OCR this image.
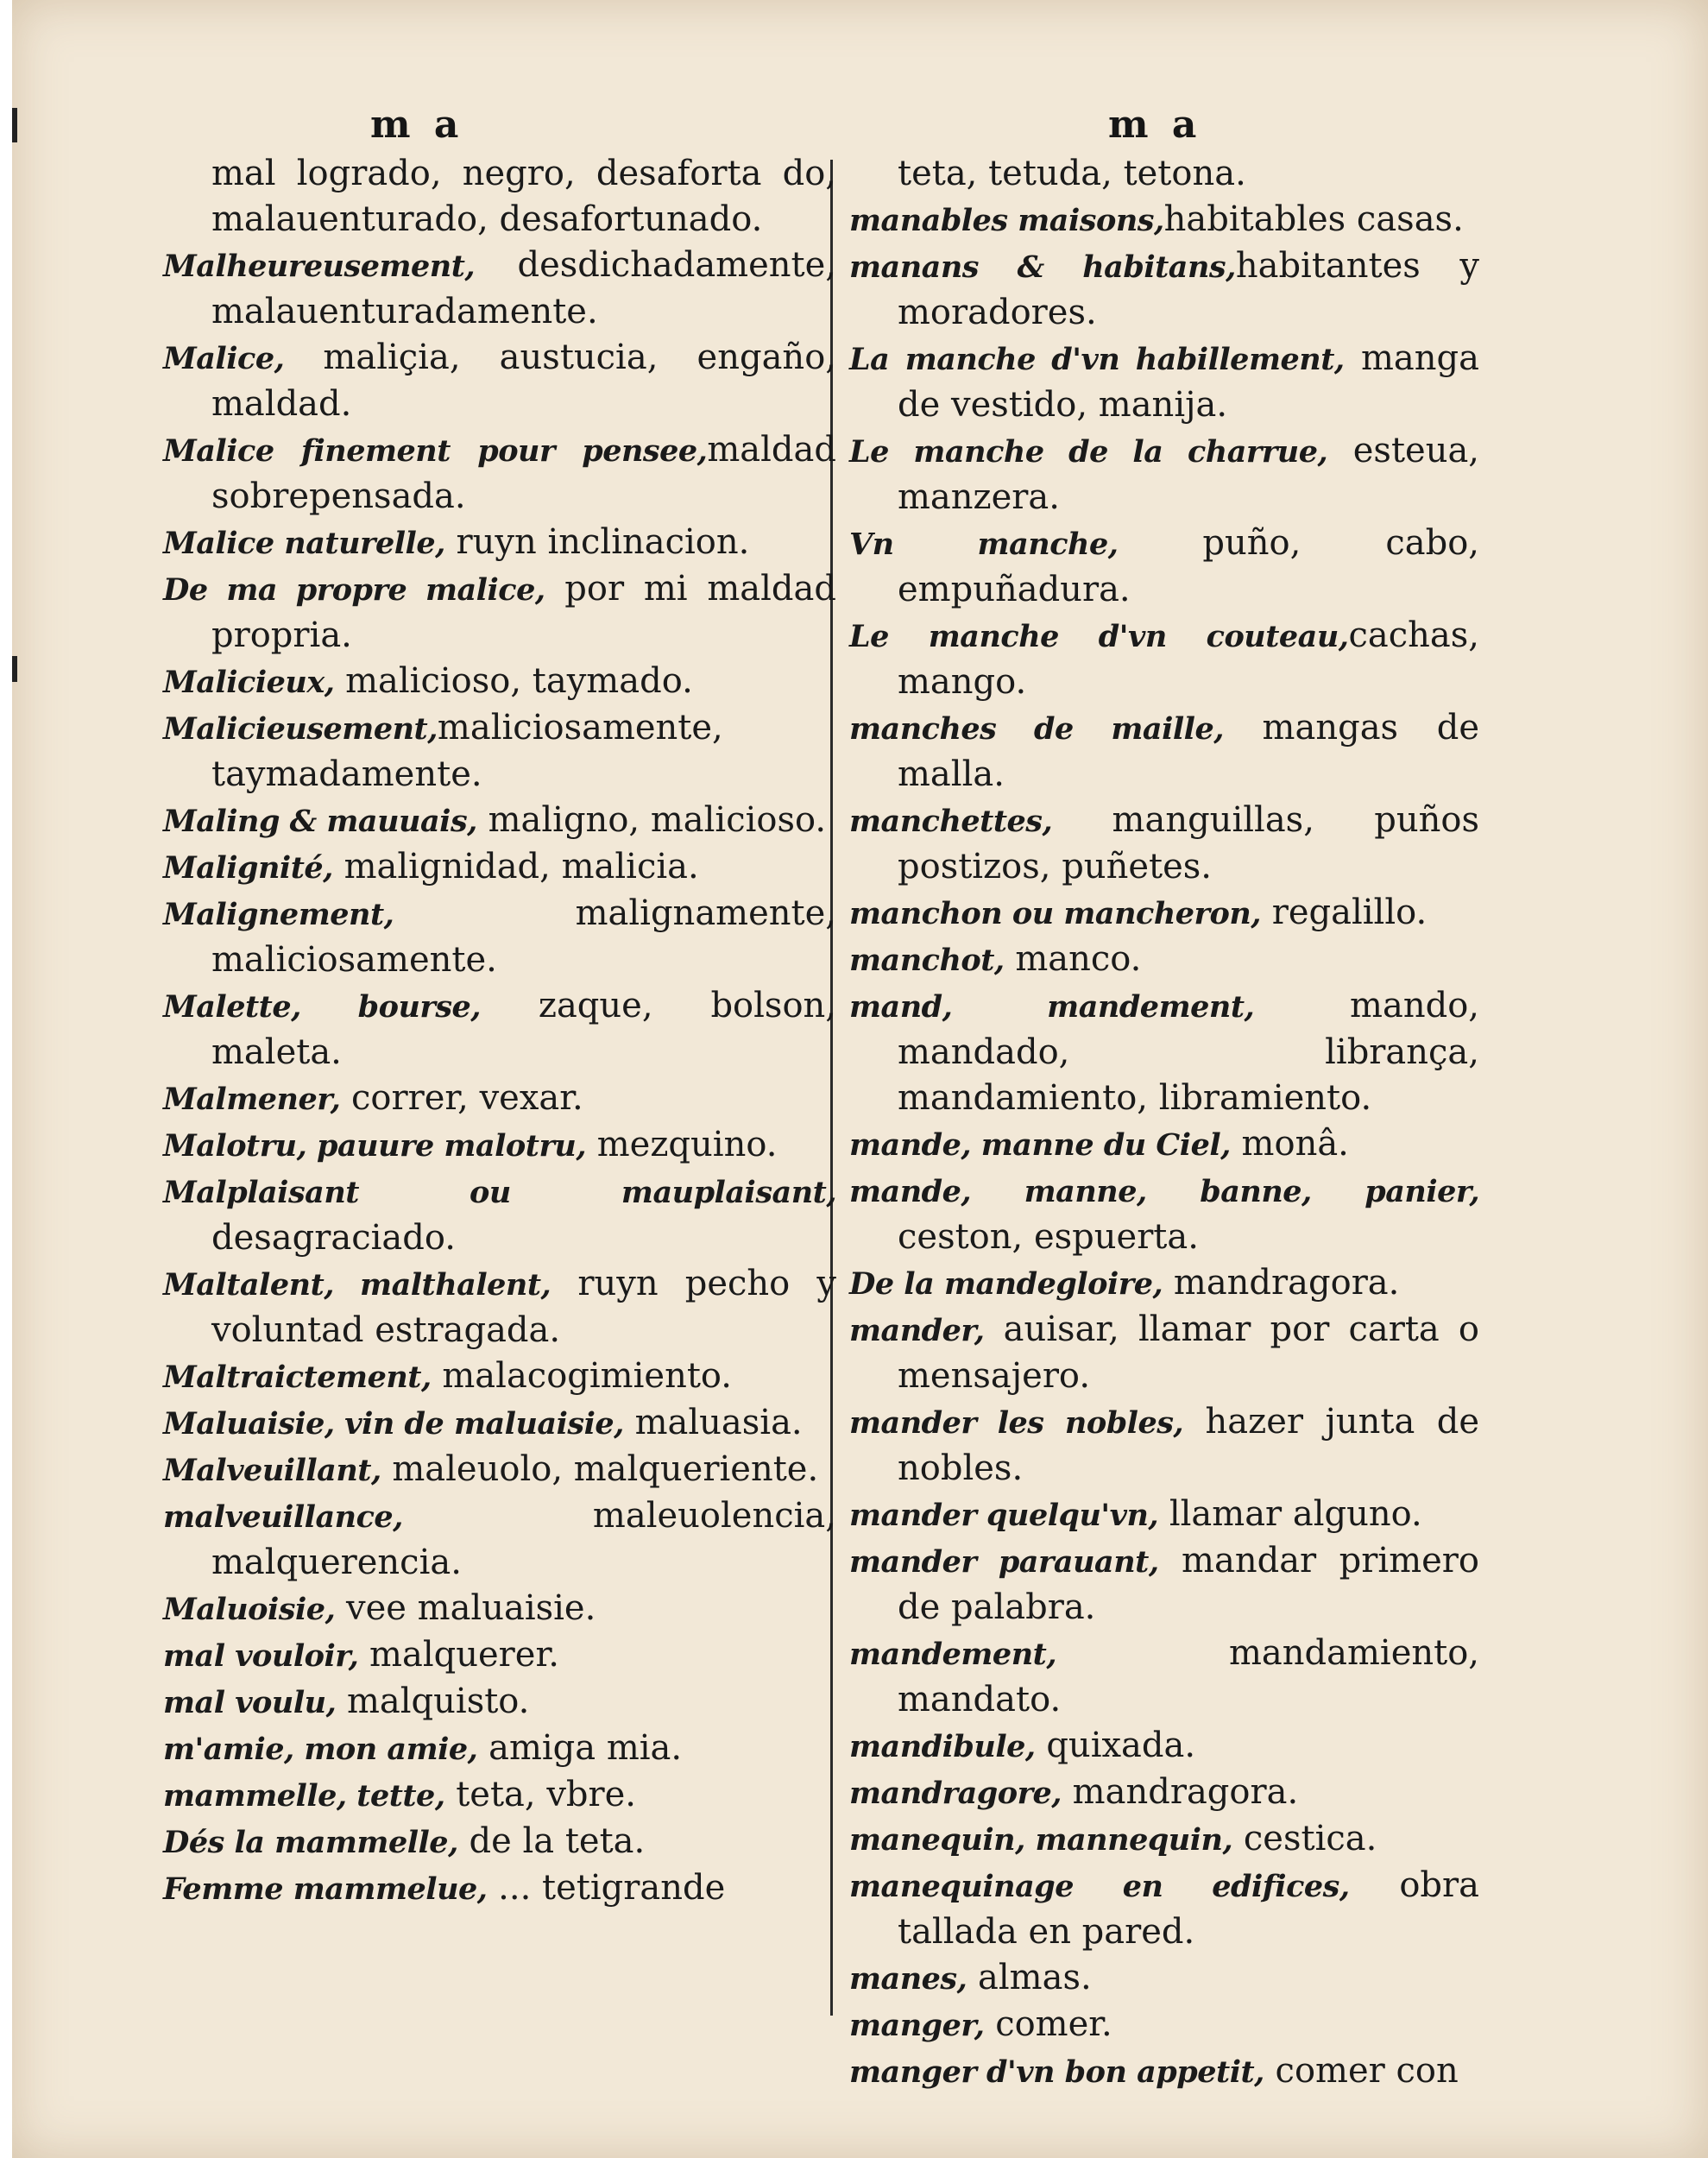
m a

mal logrado, negro, desaforta do, malauenturado, desafortunado.

Malheureusement, desdichadamente, malauenturadamente.

Malice, maliçia, austucia, engaño, maldad.

Malice finement pour pensee,maldad sobrepensada.

Malice naturelle, ruyn inclinacion.

De ma propre malice, por mi maldad propria.

Malicieux, malicioso, taymado.

Malicieusement,maliciosamente, taymadamente.

Maling & mauuais, maligno, malicioso.

Malignité, malignidad, malicia.

Malignement, malignamente, maliciosamente.

Malette, bourse, zaque, bolson, maleta.

Malmener, correr, vexar.

Malotru, pauure malotru, mezquino.

Malplaisant ou mauplaisant, desagraciado.

Maltalent, malthalent, ruyn pecho y voluntad estragada.

Maltraictement, malacogimiento.

Maluaisie, vin de maluaisie, maluasia.

Malveuillant, maleuolo, malqueriente.

malveuillance, maleuolencia, malquerencia.

Maluoisie, vee maluaisie.

mal vouloir, malquerer.

mal voulu, malquisto.

m'amie, mon amie, amiga mia.

mammelle, tette, teta, vbre.

Dés la mammelle, de la teta.

Femme mammelue, ... tetigrande

m a

teta, tetuda, tetona.

manables maisons,habitables casas.

manans & habitans,habitantes y moradores.

La manche d'vn habillement, manga de vestido, manija.

Le manche de la charrue, esteua, manzera.

Vn manche, puño, cabo, empuñadura.

Le manche d'vn couteau,cachas, mango.

manches de maille, mangas de malla.

manchettes, manguillas, puños postizos, puñetes.

manchon ou mancheron, regalillo.

manchot, manco.

mand, mandement, mando, mandado, librança, mandamiento, libramiento.

mande, manne du Ciel, monâ.

mande, manne, banne, panier, ceston, espuerta.

De la mandegloire, mandragora.

mander, auisar, llamar por carta o mensajero.

mander les nobles, hazer junta de nobles.

mander quelqu'vn, llamar alguno.

mander parauant, mandar primero de palabra.

mandement, mandamiento, mandato.

mandibule, quixada.

mandragore, mandragora.

manequin, mannequin, cestica.

manequinage en edifices, obra tallada en pared.

manes, almas.

manger, comer.

manger d'vn bon appetit, comer con
